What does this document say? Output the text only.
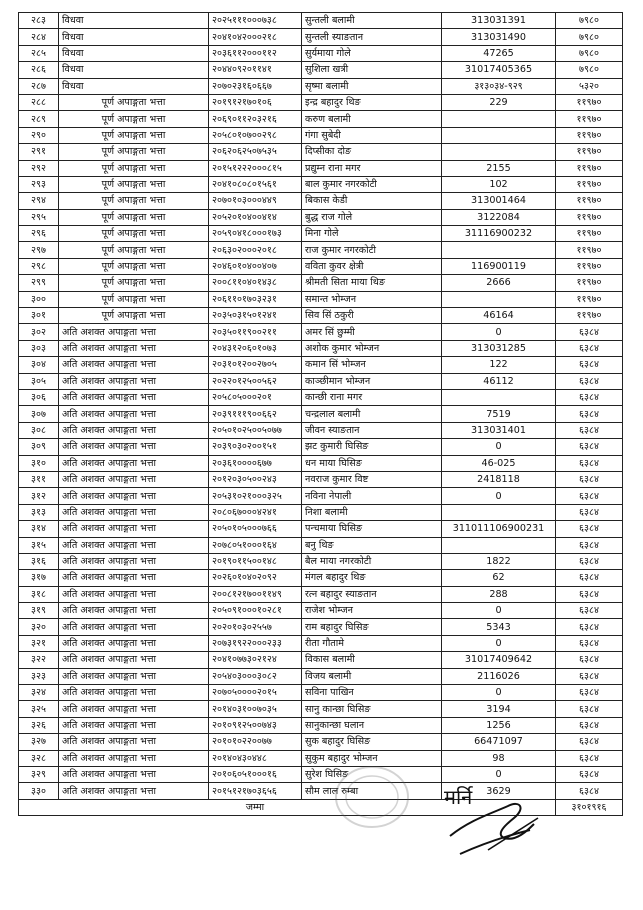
२८३	विधवा	२०२५१११०००७३८	सुन्तली बलामी	313031391	७९८०
२८४	विधवा	२०४१०४२०००२१८	सुन्तली स्याङतान	313031490	७९८०
२८५	विधवा	२०३६११२०००११२	सुर्यमाया गोले	47265	७९८०
२८६	विधवा	२०४४०९२०११४१	सुशिला खत्री	31017405365	७९८०
२८७	विधवा	२०७०२३१६०६६७	सृष्मा बलामी	३१३०३४-९२९	५३२०
२८८	पूर्ण अपाङ्गता भत्ता	२०१९१२१७०१०६	इन्द्र बहादुर थिङ	229	११९७०
२८९	पूर्ण अपाङ्गता भत्ता	२०६९०११२०३२१६	करुण बलामी		११९७०
२९०	पूर्ण अपाङ्गता भत्ता	२०५८०१०७००२९८	गंगा सुबेदी		११९७०
२९१	पूर्ण अपाङ्गता भत्ता	२०६२०६२५०७५३५	दिप्सीका दोङ		११९७०
२९२	पूर्ण अपाङ्गता भत्ता	२०१५१२२२०००८१५	प्रद्युम्न राना मगर	2155	११९७०
२९३	पूर्ण अपाङ्गता भत्ता	२०४१०८०८०१५६१	बाल कुमार नगरकोटी	102	११९७०
२९४	पूर्ण अपाङ्गता भत्ता	२०७०१०३०००४४९	बिकास केडी	313001464	११९७०
२९५	पूर्ण अपाङ्गता भत्ता	२०५२०१०४००४१४	बुद्ध राज गोले	3122084	११९७०
२९६	पूर्ण अपाङ्गता भत्ता	२०५९०४१८०००१७३	मिना गोले	31116900232	११९७०
२९७	पूर्ण अपाङ्गता भत्ता	२०६३०२०००२०१८	राज कुमार नगरकोटी		११९७०
२९८	पूर्ण अपाङ्गता भत्ता	२०४६०१०४००४०७	वविता कुवर क्षेत्री	116900119	११९७०
२९९	पूर्ण अपाङ्गता भत्ता	२००८११०४०१४३८	श्रीमती सिता माया थिङ	2666	११९७०
३००	पूर्ण अपाङ्गता भत्ता	२०६११०१७०३२३१	समान्त भोम्जन		११९७०
३०१	पूर्ण अपाङ्गता भत्ता	२०३५०३१५०१२४१	सिव सिं ठकुरी	46164	११९७०
३०२	अति अशक्त अपाङ्गता भत्ता	२०३५०११९००२११	अमर सिं छुम्मी	0	६३८४
३०३	अति अशक्त अपाङ्गता भत्ता	२०४३१२०६०१०७३	अशोक कुमार भोम्जन	313031285	६३८४
३०४	अति अशक्त अपाङ्गता भत्ता	२०३१०१२००२७०५	कमान सिं भोम्जन	122	६३८४
३०५	अति अशक्त अपाङ्गता भत्ता	२०२२०१२५००५६२	काञ्छीमान भोम्जन	46112	६३८४
३०६	अति अशक्त अपाङ्गता भत्ता	२०५८०५०००२०१	कान्छी राना मगर		६३८४
३०७	अति अशक्त अपाङ्गता भत्ता	२०३९१११९००६६२	चन्द्रलाल बलामी	7519	६३८४
३०८	अति अशक्त अपाङ्गता भत्ता	२०५०१०२५००५०७७	जीवन स्याङतान	313031401	६३८४
३०९	अति अशक्त अपाङ्गता भत्ता	२०३९०३०२००१५१	झट कुमारी घिसिङ	0	६३८४
३१०	अति अशक्त अपाङ्गता भत्ता	२०३६१००००६७७	धन माया घिसिङ	46-025	६३८४
३११	अति अशक्त अपाङ्गता भत्ता	२०१२०३०५००२४३	नवराज कुमार विष्ट	2418118	६३८४
३१२	अति अशक्त अपाङ्गता भत्ता	२०५३१०२१०००३२५	नविना नेपाली	0	६३८४
३१३	अति अशक्त अपाङ्गता भत्ता	२०८०६७०००४२४१	निशा बलामी		६३८४
३१४	अति अशक्त अपाङ्गता भत्ता	२०५०१०५०००७६६	पन्चमाया घिसिङ	311011106900231	६३८४
३१५	अति अशक्त अपाङ्गता भत्ता	२०७८०५१०००१६४	बनु थिङ		६३८४
३१६	अति अशक्त अपाङ्गता भत्ता	२०१९०११५००१४८	बैल माया नगरकोटी	1822	६३८४
३१७	अति अशक्त अपाङ्गता भत्ता	२०२६०१०४०२०९२	मंगल बहादुर थिङ	62	६३८४
३१८	अति अशक्त अपाङ्गता भत्ता	२००८१२१७००११४९	रत्न बहादुर स्याङतान	288	६३८४
३१९	अति अशक्त अपाङ्गता भत्ता	२०५०९१०००१०२८१	राजेश भोम्जन	0	६३८४
३२०	अति अशक्त अपाङ्गता भत्ता	२०२०१०३०२५५७	राम बहादुर घिसिङ	5343	६३८४
३२१	अति अशक्त अपाङ्गता भत्ता	२०७३१९२२०००२३३	रीता गौतामे	0	६३८४
३२२	अति अशक्त अपाङ्गता भत्ता	२०४१०७७३०२१२४	विकास बलामी	31017409642	६३८४
३२३	अति अशक्त अपाङ्गता भत्ता	२०५४०३०००३०८२	विजय बलामी	2116026	६३८४
३२४	अति अशक्त अपाङ्गता भत्ता	२०७०५००००२०१५	सविना पाखिन	0	६३८४
३२५	अति अशक्त अपाङ्गता भत्ता	२०१४०३१००७०३५	सानु कान्छा घिसिङ	3194	६३८४
३२६	अति अशक्त अपाङ्गता भत्ता	२०१०९१२५००७४३	सानुकान्छा घलान	1256	६३८४
३२७	अति अशक्त अपाङ्गता भत्ता	२०१०१०२२००७७	सुक बहादुर घिसिङ	66471097	६३८४
३२८	अति अशक्त अपाङ्गता भत्ता	२०१४०४३०४४८	सुकुम बहादुर भोम्जन	98	६३८४
३२९	अति अशक्त अपाङ्गता भत्ता	२०१०६०५१०००१६	सुरेश घिसिङ	0	६३८४
३३०	अति अशक्त अपाङ्गता भत्ता	२०१५१२१७०३६५६	सौम लाल रुम्बा	3629	६३८४
		जम्मा			३१०१९१६
मर्नि
